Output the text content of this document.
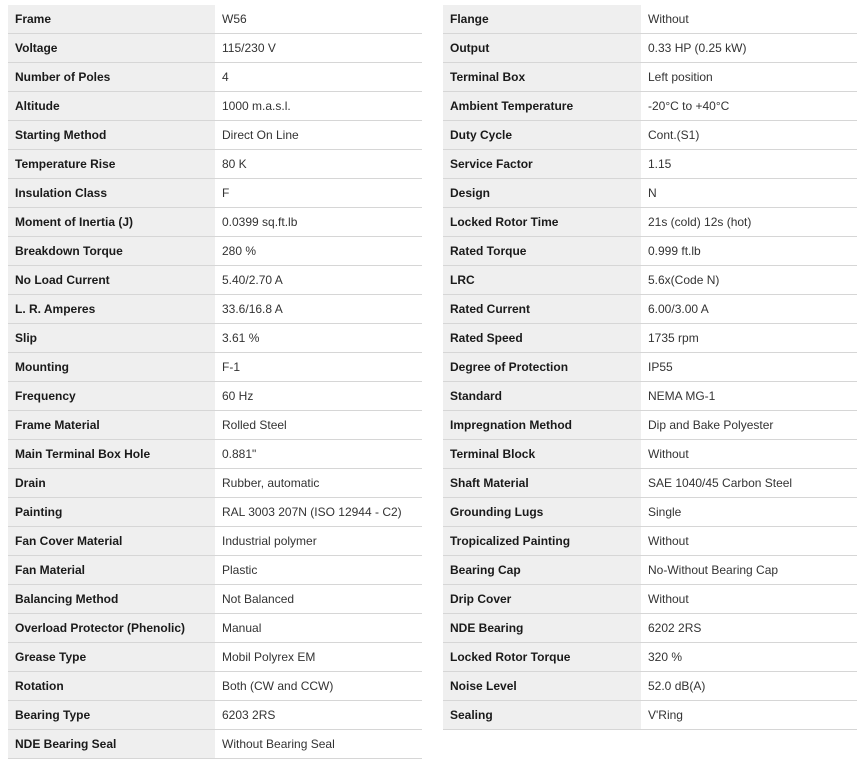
Frame	W56
Voltage	115/230 V
Number of Poles	4
Altitude	1000 m.a.s.l.
Starting Method	Direct On Line
Temperature Rise	80 K
Insulation Class	F
Moment of Inertia (J)	0.0399 sq.ft.lb
Breakdown Torque	280 %
No Load Current	5.40/2.70 A
L. R. Amperes	33.6/16.8 A
Slip	3.61 %
Mounting	F-1
Frequency	60 Hz
Frame Material	Rolled Steel
Main Terminal Box Hole	0.881"
Drain	Rubber, automatic
Painting	RAL 3003 207N (ISO 12944 - C2)
Fan Cover Material	Industrial polymer
Fan Material	Plastic
Balancing Method	Not Balanced
Overload Protector (Phenolic)	Manual
Grease Type	Mobil Polyrex EM
Rotation	Both (CW and CCW)
Bearing Type	6203 2RS
NDE Bearing Seal	Without Bearing Seal
Flange	Without
Output	0.33 HP (0.25 kW)
Terminal Box	Left position
Ambient Temperature	-20°C to +40°C
Duty Cycle	Cont.(S1)
Service Factor	1.15
Design	N
Locked Rotor Time	21s (cold) 12s (hot)
Rated Torque	0.999 ft.lb
LRC	5.6x(Code N)
Rated Current	6.00/3.00 A
Rated Speed	1735 rpm
Degree of Protection	IP55
Standard	NEMA MG-1
Impregnation Method	Dip and Bake Polyester
Terminal Block	Without
Shaft Material	SAE 1040/45 Carbon Steel
Grounding Lugs	Single
Tropicalized Painting	Without
Bearing Cap	No-Without Bearing Cap
Drip Cover	Without
NDE Bearing	6202 2RS
Locked Rotor Torque	320 %
Noise Level	52.0 dB(A)
Sealing	V'Ring
